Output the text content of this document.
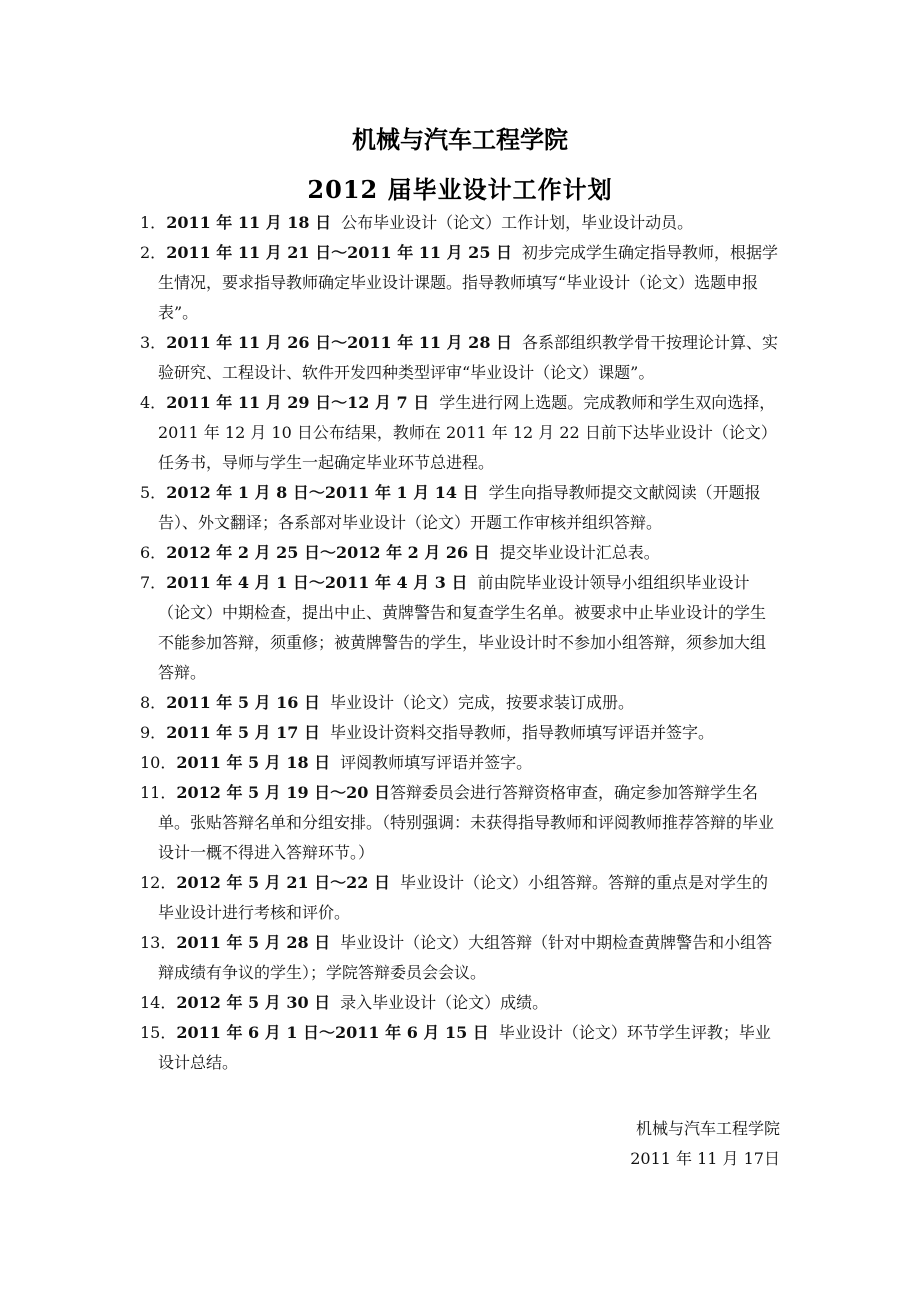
机械与汽车工程学院
2012 届毕业设计工作计划

1．2011 年 11 月 18 日 公布毕业设计（论文）工作计划，毕业设计动员。

2．2011 年 11 月 21 日～2011 年 11 月 25 日 初步完成学生确定指导教师，根据学生情况，要求指导教师确定毕业设计课题。指导教师填写“毕业设计（论文）选题申报表”。

3．2011 年 11 月 26 日～2011 年 11 月 28 日 各系部组织教学骨干按理论计算、实验研究、工程设计、软件开发四种类型评审“毕业设计（论文）课题”。

4．2011 年 11 月 29 日～12 月 7 日 学生进行网上选题。完成教师和学生双向选择，2011 年 12 月 10 日公布结果，教师在 2011 年 12 月 22 日前下达毕业设计（论文）任务书，导师与学生一起确定毕业环节总进程。

5．2012 年 1 月 8 日～2011 年 1 月 14 日 学生向指导教师提交文献阅读（开题报告）、外文翻译；各系部对毕业设计（论文）开题工作审核并组织答辩。

6．2012 年 2 月 25 日～2012 年 2 月 26 日 提交毕业设计汇总表。

7．2011 年 4 月 1 日～2011 年 4 月 3 日 前由院毕业设计领导小组组织毕业设计（论文）中期检查，提出中止、黄牌警告和复查学生名单。被要求中止毕业设计的学生不能参加答辩，须重修；被黄牌警告的学生，毕业设计时不参加小组答辩，须参加大组答辩。

8．2011 年 5 月 16 日 毕业设计（论文）完成，按要求装订成册。

9．2011 年 5 月 17 日 毕业设计资料交指导教师，指导教师填写评语并签字。

10．2011 年 5 月 18 日 评阅教师填写评语并签字。

11．2012 年 5 月 19 日～20 日答辩委员会进行答辩资格审查，确定参加答辩学生名单。张贴答辩名单和分组安排。（特别强调：未获得指导教师和评阅教师推荐答辩的毕业设计一概不得进入答辩环节。）

12．2012 年 5 月 21 日～22 日 毕业设计（论文）小组答辩。答辩的重点是对学生的毕业设计进行考核和评价。

13．2011 年 5 月 28 日 毕业设计（论文）大组答辩（针对中期检查黄牌警告和小组答辩成绩有争议的学生）；学院答辩委员会会议。

14．2012 年 5 月 30 日 录入毕业设计（论文）成绩。

15．2011 年 6 月 1 日～2011 年 6 月 15 日 毕业设计（论文）环节学生评教；毕业设计总结。

机械与汽车工程学院
2011 年 11 月 17日
